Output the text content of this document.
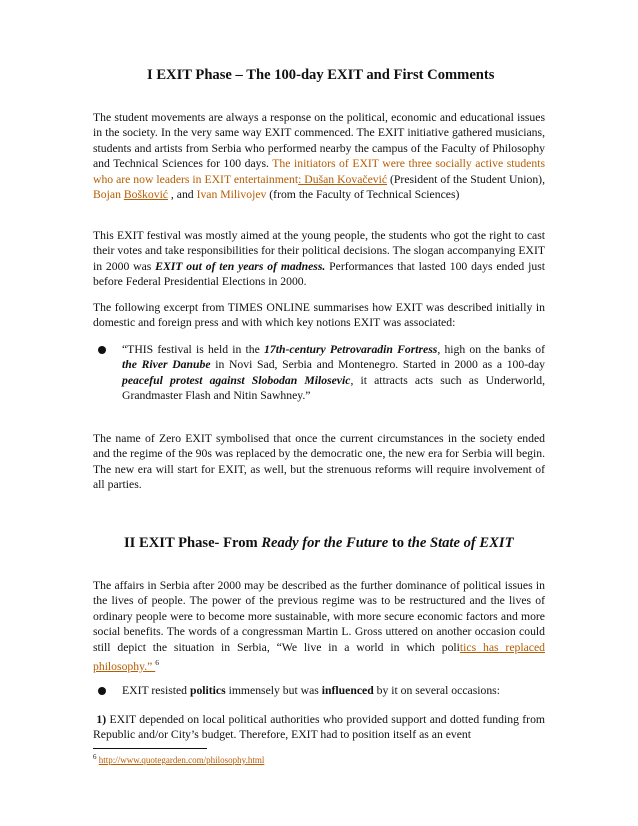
I EXIT Phase – The 100-day EXIT and First Comments

The student movements are always a response on the political, economic and educational issues in the society. In the very same way EXIT commenced. The EXIT initiative gathered musicians, students and artists from Serbia who performed nearby the campus of the Faculty of Philosophy and Technical Sciences for 100 days. The initiators of EXIT were three socially active students who are now leaders in EXIT entertainment: Dušan Kovačević (President of the Student Union), Bojan Bošković , and Ivan Milivojev (from the Faculty of Technical Sciences)

This EXIT festival was mostly aimed at the young people, the students who got the right to cast their votes and take responsibilities for their political decisions. The slogan accompanying EXIT in 2000 was EXIT out of ten years of madness. Performances that lasted 100 days ended just before Federal Presidential Elections in 2000.

The following excerpt from TIMES ONLINE summarises how EXIT was described initially in domestic and foreign press and with which key notions EXIT was associated:

“THIS festival is held in the 17th-century Petrovaradin Fortress, high on the banks of the River Danube in Novi Sad, Serbia and Montenegro. Started in 2000 as a 100-day peaceful protest against Slobodan Milosevic, it attracts acts such as Underworld, Grandmaster Flash and Nitin Sawhney.”

The name of Zero EXIT symbolised that once the current circumstances in the society ended and the regime of the 90s was replaced by the democratic one, the new era for Serbia will begin. The new era will start for EXIT, as well, but the strenuous reforms will require involvement of all parties.

II EXIT Phase- From Ready for the Future to the State of EXIT

The affairs in Serbia after 2000 may be described as the further dominance of political issues in the lives of people. The power of the previous regime was to be restructured and the lives of ordinary people were to become more sustainable, with more secure economic factors and more social benefits. The words of a congressman Martin L. Gross uttered on another occasion could still depict the situation in Serbia, “We live in a world in which politics has replaced philosophy.” $^6$

EXIT resisted politics immensely but was influenced by it on several occasions:

1) EXIT depended on local political authorities who provided support and dotted funding from Republic and/or City’s budget. Therefore, EXIT had to position itself as an event

$^6$ http://www.quotegarden.com/philosophy.html
